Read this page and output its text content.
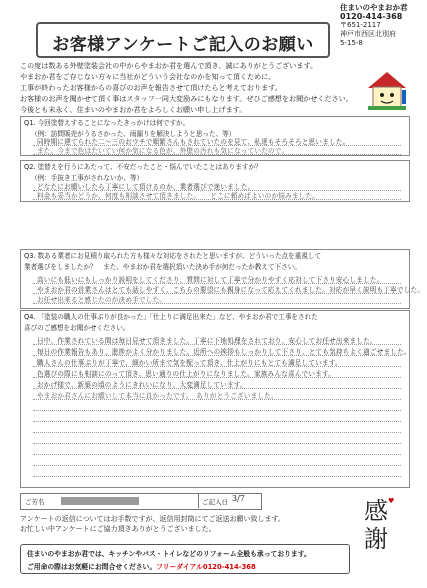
お客様アンケートご記入のお願い
住まいのやまおか君
0120-414-368
〒651-2117
神戸市西区北別府
5-15-8
この度は数ある外壁塗装会社の中からやまおか君を選んで頂き、誠にありがとうございます。
やまおか君をご存じない方々に当社がどういう会社なのかを知って頂くために、
工事が終わったお客様からの喜びのお声を報告させて頂けたらと考えております。
お客様のお声を聞かせて頂く事はスタッフ一同大変励みにもなります。ぜひご感想をお聞かせください。
今後とも末永く、住まいのやまおか君をよろしくお願い申し上げます。
Q1. 今回塗替えすることになったきっかけは何ですか。
（例：訪問販売がうるさかった、雨漏りを解決しようと思った、等）
同時期に建てられた二〜三のおウチで順繁さんもされていたのを見て、私達もそろそろと思いました。
また、今まで色はたいてい何か気になる色が、外壁の汚れも気になっていたので。
Q2. 塗替えを行うにあたって、不安だったこと・悩んでいたことはありますか？
（例：手抜き工事がされないか、等）
どなたにお願いしたら丁寧にして頂けるのか、業者選びで迷いました。
料金も妥当かどうか、何度も相談させて頂きました。　　どこに頼めばよいのか悩みました。
Q3. 数ある業者にお見積り取られた方も様々な対応をされたと思いますが、どういった点を重視して
業者選びをしましたか？　また、やまおか君を選択頂いた決め手が何だったか教えて下さい。
高いにも低いにもしっかり説明をしてくださり、質問に対して丁寧で分かりやすく応対して下さり安心しました。
やまおか君の営業さんはとても話しやすく、こちらの要望にも親身になって応えてくれました。対応が早く説明も丁寧でした。
お任せ出来ると感じたのが決め手でした。
Q4. 「塗装の職人の仕事ぶりが良かった」「仕上りに満足出来た」など、やまおか君で工事をされた
喜びのご感想をお聞かせください。
日中、作業されている間は毎日見せて頂きました。丁寧に下地処理をされており、安心してお任せ出来ました。
毎日の作業報告もあり、進捗がよく分かりました。近所への挨拶もしっかりして下さり、とても気持ちよく過ごせました。
職人さんの仕事ぶりが丁寧で、細かい所まで気を配って頂き、仕上がりにもとても満足しています。
色選びの際にも相談にのって頂き、思い通りの仕上がりになりました。家族みんな喜んでいます。
おかげ様で、新築の頃のようにきれいになり、大変満足しています。
やまおか君さんにお願いして本当に良かったです。　ありがとうございました。
ご芳名	ご記入日 3/7
アンケートの返信についてはお手数ですが、返信用封筒にてご返送お願い致します。
お忙しい中アンケートにご協力頂きありがとうございました。
感
謝
♥
住まいのやまおか君では、キッチンやバス・トイレなどのリフォーム全般も承っております。
ご用命の際はお気軽にお問合せください。フリーダイアル0120-414-368
